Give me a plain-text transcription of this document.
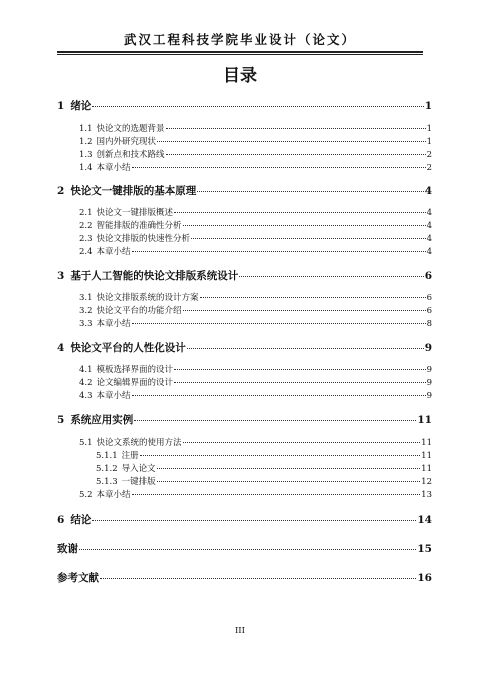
武汉工程科技学院毕业设计（论文）
目录
1 绪论	1
1.1 快论文的选题背景	1
1.2 国内外研究现状	1
1.3 创新点和技术路线	2
1.4 本章小结	2
2 快论文一键排版的基本原理	4
2.1 快论文一键排版概述	4
2.2 智能排版的准确性分析	4
2.3 快论文排版的快速性分析	4
2.4 本章小结	4
3 基于人工智能的快论文排版系统设计	6
3.1 快论文排版系统的设计方案	6
3.2 快论文平台的功能介绍	6
3.3 本章小结	8
4 快论文平台的人性化设计	9
4.1 模板选择界面的设计	9
4.2 论文编辑界面的设计	9
4.3 本章小结	9
5 系统应用实例	11
5.1 快论文系统的使用方法	11
5.1.1 注册	11
5.1.2 导入论文	11
5.1.3 一键排版	12
5.2 本章小结	13
6 结论	14
致谢	15
参考文献	16
III
